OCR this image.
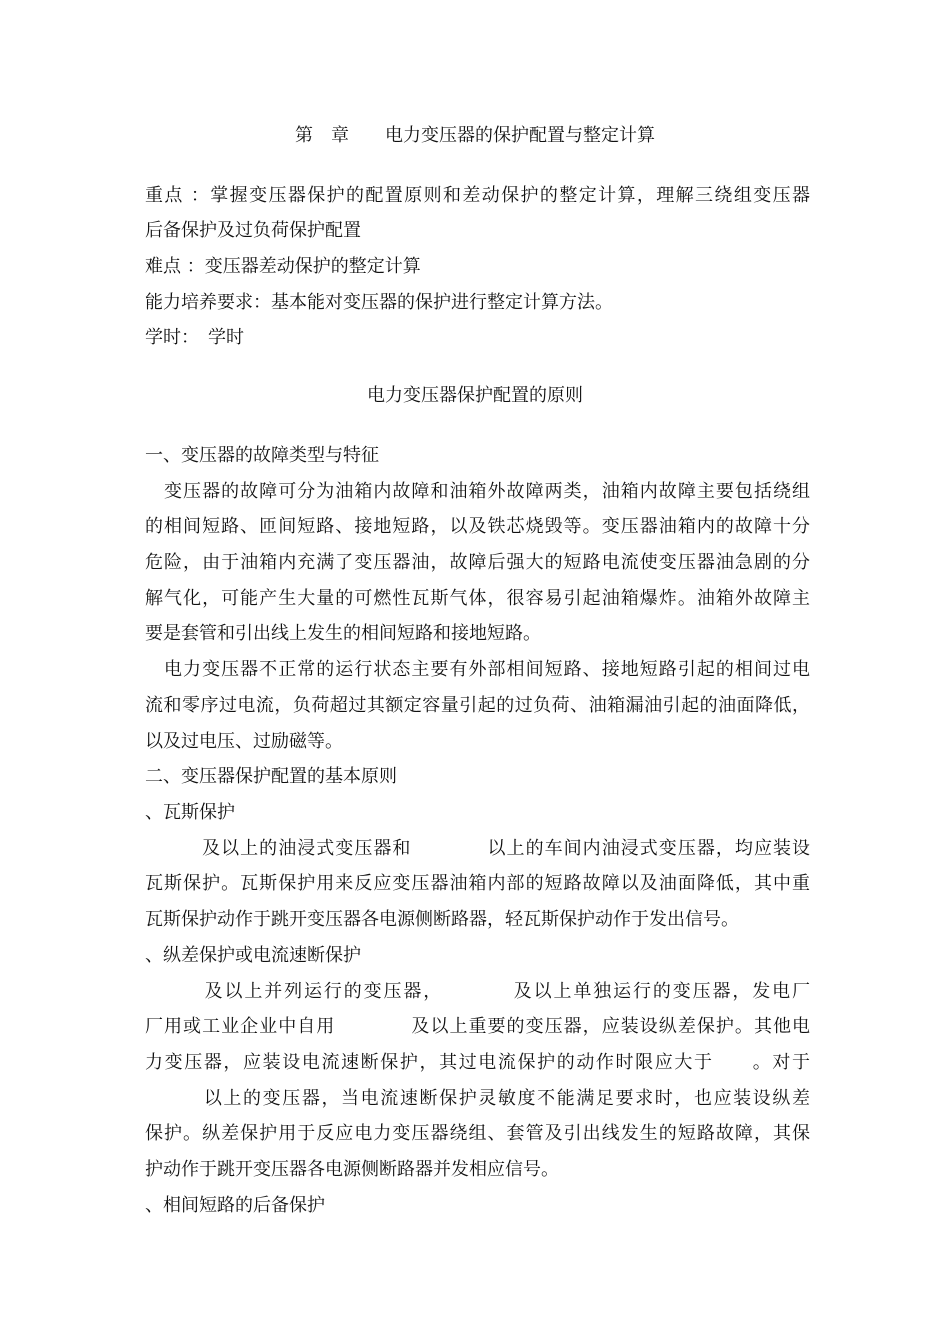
第　章　　电力变压器的保护配置与整定计算

重点 ：掌握变压器保护的配置原则和差动保护的整定计算，理解三绕组变压器

后备保护及过负荷保护配置

难点 ：变压器差动保护的整定计算

能力培养要求：基本能对变压器的保护进行整定计算方法。

学时：　学时

电力变压器保护配置的原则

一、变压器的故障类型与特征

　变压器的故障可分为油箱内故障和油箱外故障两类，油箱内故障主要包括绕组

的相间短路、匝间短路、接地短路，以及铁芯烧毁等。变压器油箱内的故障十分

危险，由于油箱内充满了变压器油，故障后强大的短路电流使变压器油急剧的分

解气化，可能产生大量的可燃性瓦斯气体，很容易引起油箱爆炸。油箱外故障主

要是套管和引出线上发生的相间短路和接地短路。

　电力变压器不正常的运行状态主要有外部相间短路、接地短路引起的相间过电

流和零序过电流，负荷超过其额定容量引起的过负荷、油箱漏油引起的油面降低，

以及过电压、过励磁等。

二、变压器保护配置的基本原则

、瓦斯保护

　　　及以上的油浸式变压器和　　　　以上的车间内油浸式变压器，均应装设

瓦斯保护。瓦斯保护用来反应变压器油箱内部的短路故障以及油面降低，其中重

瓦斯保护动作于跳开变压器各电源侧断路器，轻瓦斯保护动作于发出信号。

、纵差保护或电流速断保护

　　　及以上并列运行的变压器，　　　　及以上单独运行的变压器，发电厂

厂用或工业企业中自用　　　　及以上重要的变压器，应装设纵差保护。其他电

力变压器，应装设电流速断保护，其过电流保护的动作时限应大于　　。对于

　　　以上的变压器，当电流速断保护灵敏度不能满足要求时，也应装设纵差

保护。纵差保护用于反应电力变压器绕组、套管及引出线发生的短路故障，其保

护动作于跳开变压器各电源侧断路器并发相应信号。

、相间短路的后备保护
